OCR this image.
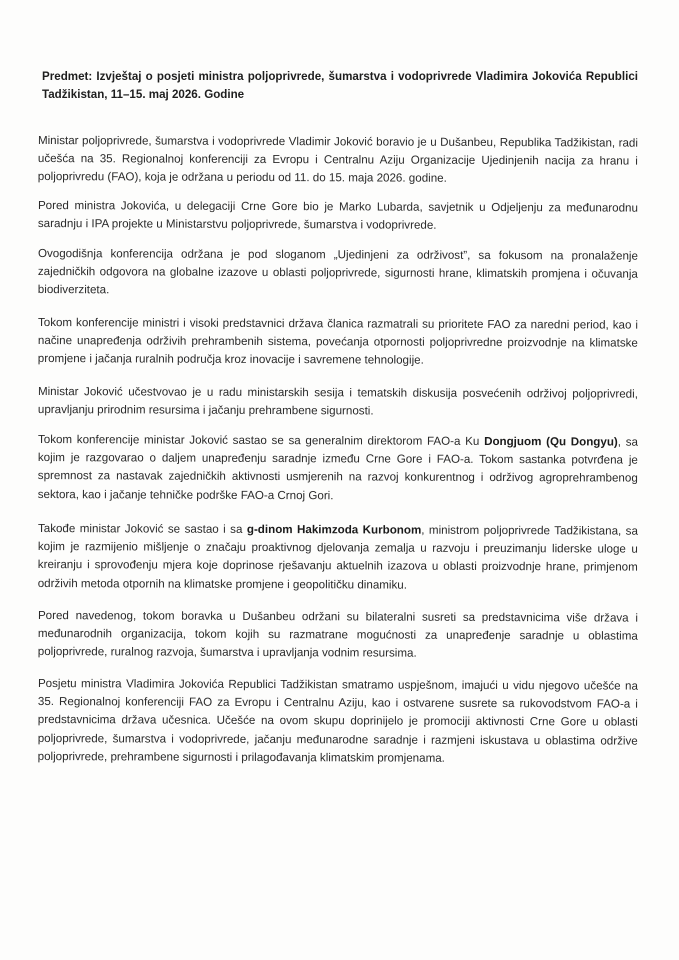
Predmet: Izvještaj o posjeti ministra poljoprivrede, šumarstva i vodoprivrede Vladimira Jokovića Republici Tadžikistan, 11–15. maj 2026. Godine

Ministar poljoprivrede, šumarstva i vodoprivrede Vladimir Joković boravio je u Dušanbeu, Republika Tadžikistan, radi učešća na 35. Regionalnoj konferenciji za Evropu i Centralnu Aziju Organizacije Ujedinjenih nacija za hranu i poljoprivredu (FAO), koja je održana u periodu od 11. do 15. maja 2026. godine.

Pored ministra Jokovića, u delegaciji Crne Gore bio je Marko Lubarda, savjetnik u Odjeljenju za međunarodnu saradnju i IPA projekte u Ministarstvu poljoprivrede, šumarstva i vodoprivrede.

Ovogodišnja konferencija održana je pod sloganom „Ujedinjeni za održivost”, sa fokusom na pronalaženje zajedničkih odgovora na globalne izazove u oblasti poljoprivrede, sigurnosti hrane, klimatskih promjena i očuvanja biodiverziteta.

Tokom konferencije ministri i visoki predstavnici država članica razmatrali su prioritete FAO za naredni period, kao i načine unapređenja održivih prehrambenih sistema, povećanja otpornosti poljoprivredne proizvodnje na klimatske promjene i jačanja ruralnih područja kroz inovacije i savremene tehnologije.

Ministar Joković učestvovao je u radu ministarskih sesija i tematskih diskusija posvećenih održivoj poljoprivredi, upravljanju prirodnim resursima i jačanju prehrambene sigurnosti.

Tokom konferencije ministar Joković sastao se sa generalnim direktorom FAO-a Ku Dongjuom (Qu Dongyu), sa kojim je razgovarao o daljem unapređenju saradnje između Crne Gore i FAO-a. Tokom sastanka potvrđena je spremnost za nastavak zajedničkih aktivnosti usmjerenih na razvoj konkurentnog i održivog agroprehrambenog sektora, kao i jačanje tehničke podrške FAO-a Crnoj Gori.

Takođe ministar Joković se sastao i sa g-dinom Hakimzoda Kurbonom, ministrom poljoprivrede Tadžikistana, sa kojim je razmijenio mišljenje o značaju proaktivnog djelovanja zemalja u razvoju i preuzimanju liderske uloge u kreiranju i sprovođenju mjera koje doprinose rješavanju aktuelnih izazova u oblasti proizvodnje hrane, primjenom održivih metoda otpornih na klimatske promjene i geopolitičku dinamiku.

Pored navedenog, tokom boravka u Dušanbeu održani su bilateralni susreti sa predstavnicima više država i međunarodnih organizacija, tokom kojih su razmatrane mogućnosti za unapređenje saradnje u oblastima poljoprivrede, ruralnog razvoja, šumarstva i upravljanja vodnim resursima.

Posjetu ministra Vladimira Jokovića Republici Tadžikistan smatramo uspješnom, imajući u vidu njegovo učešće na 35. Regionalnoj konferenciji FAO za Evropu i Centralnu Aziju, kao i ostvarene susrete sa rukovodstvom FAO-a i predstavnicima država učesnica. Učešće na ovom skupu doprinijelo je promociji aktivnosti Crne Gore u oblasti poljoprivrede, šumarstva i vodoprivrede, jačanju međunarodne saradnje i razmjeni iskustava u oblastima održive poljoprivrede, prehrambene sigurnosti i prilagođavanja klimatskim promjenama.
